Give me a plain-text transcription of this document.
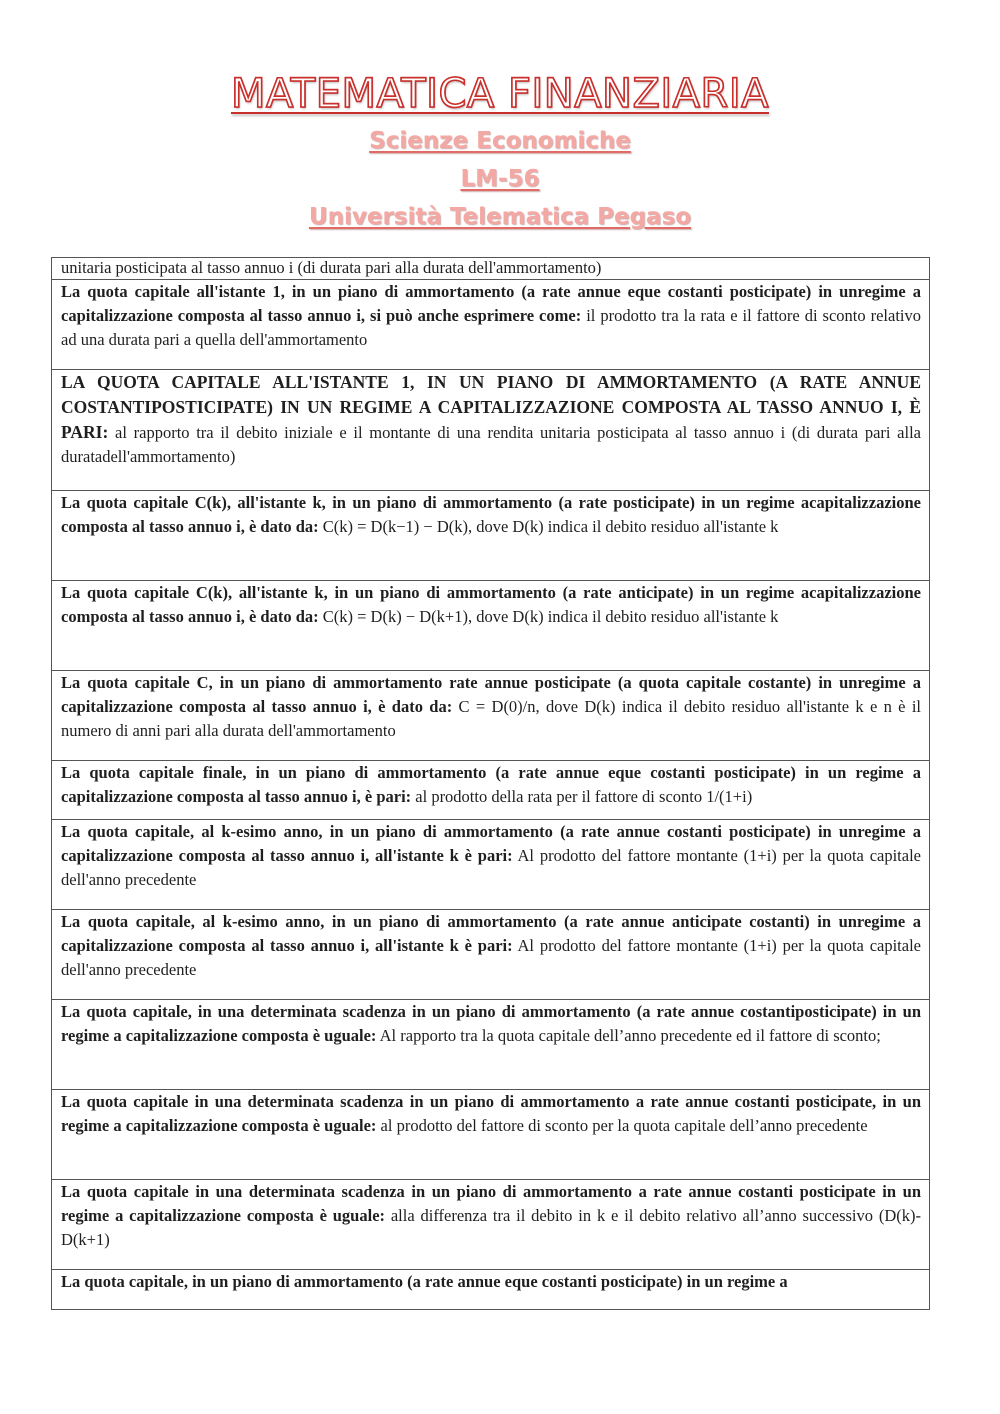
MATEMATICA FINANZIARIA
Scienze Economiche
LM-56
Università Telematica Pegaso
unitaria posticipata al tasso annuo i (di durata pari alla durata dell'ammortamento)
La quota capitale all'istante 1, in un piano di ammortamento (a rate annue eque costanti posticipate) in unregime a capitalizzazione composta al tasso annuo i, si può anche esprimere come: il prodotto tra la rata e il fattore di sconto relativo ad una durata pari a quella dell'ammortamento
LA QUOTA CAPITALE ALL'ISTANTE 1, IN UN PIANO DI AMMORTAMENTO (A RATE ANNUE COSTANTIPOSTICIPATE) IN UN REGIME A CAPITALIZZAZIONE COMPOSTA AL TASSO ANNUO I, È PARI: al rapporto tra il debito iniziale e il montante di una rendita unitaria posticipata al tasso annuo i (di durata pari alla duratadell'ammortamento)
La quota capitale C(k), all'istante k, in un piano di ammortamento (a rate posticipate) in un regime acapitalizzazione composta al tasso annuo i, è dato da: C(k) = D(k−1) − D(k), dove D(k) indica il debito residuo all'istante k
La quota capitale C(k), all'istante k, in un piano di ammortamento (a rate anticipate) in un regime acapitalizzazione composta al tasso annuo i, è dato da: C(k) = D(k) − D(k+1), dove D(k) indica il debito residuo all'istante k
La quota capitale C, in un piano di ammortamento rate annue posticipate (a quota capitale costante) in unregime a capitalizzazione composta al tasso annuo i, è dato da: C = D(0)/n, dove D(k) indica il debito residuo all'istante k e n è il numero di anni pari alla durata dell'ammortamento
La quota capitale finale, in un piano di ammortamento (a rate annue eque costanti posticipate) in un regime a capitalizzazione composta al tasso annuo i, è pari: al prodotto della rata per il fattore di sconto 1/(1+i)
La quota capitale, al k-esimo anno, in un piano di ammortamento (a rate annue costanti posticipate) in unregime a capitalizzazione composta al tasso annuo i, all'istante k è pari: Al prodotto del fattore montante (1+i) per la quota capitale dell'anno precedente
La quota capitale, al k-esimo anno, in un piano di ammortamento (a rate annue anticipate costanti) in unregime a capitalizzazione composta al tasso annuo i, all'istante k è pari: Al prodotto del fattore montante (1+i) per la quota capitale dell'anno precedente
La quota capitale, in una determinata scadenza in un piano di ammortamento (a rate annue costantiposticipate) in un regime a capitalizzazione composta è uguale: Al rapporto tra la quota capitale dell’anno precedente ed il fattore di sconto;
La quota capitale in una determinata scadenza in un piano di ammortamento a rate annue costanti posticipate, in un regime a capitalizzazione composta è uguale: al prodotto del fattore di sconto per la quota capitale dell’anno precedente
La quota capitale in una determinata scadenza in un piano di ammortamento a rate annue costanti posticipate in un regime a capitalizzazione composta è uguale: alla differenza tra il debito in k e il debito relativo all’anno successivo (D(k)-D(k+1)
La quota capitale, in un piano di ammortamento (a rate annue eque costanti posticipate) in un regime a
